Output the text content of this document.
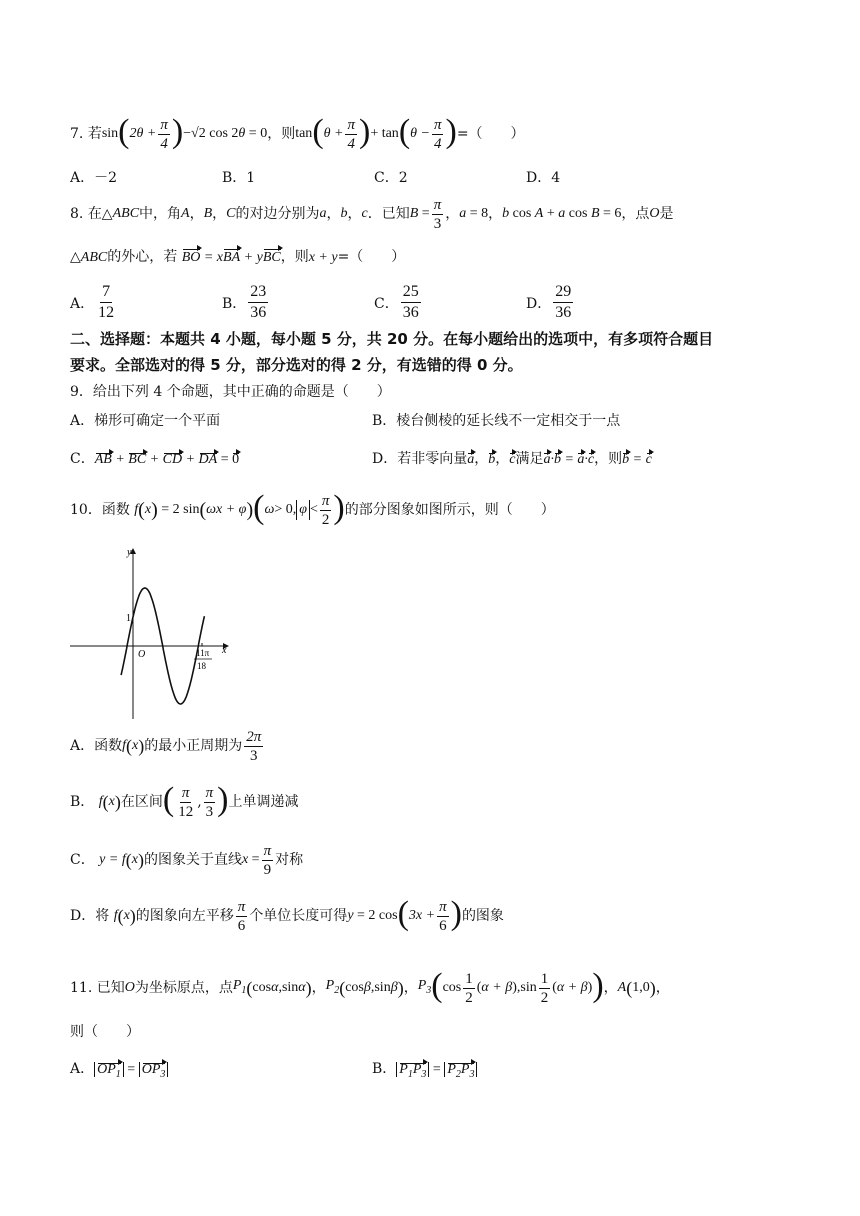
7.
若 sin ( $2\theta + \frac{\pi}{4}$ ) −√2 cos 2 θ = 0 ，则 tan ( $\theta + \frac{\pi}{4}$ ) + tan ( $\theta - \frac{\pi}{4}$ ) =（　　）
A．－2	B．1	C．2	D．4
8.
在△ ABC 中，角 A ， B ， C 的对边分别为 a ， b ， c ．已知 $B = \frac{\pi}{3}$ ， a = 8 ， b cos A + a cos B = 6 ，点 O 是
△ABC的外心，若 BO = xBA + yBC，则x + y=（　　）
A． $\frac{7}{12}$	B． $\frac{23}{36}$	C． $\frac{25}{36}$	D． $\frac{29}{36}$
二、选择题：本题共 4 小题，每小题 5 分，共 20 分。在每小题给出的选项中，有多项符合题目
要求。全部选对的得 5 分，部分选对的得 2 分，有选错的得 0 分。
9．给出下列 4 个命题，其中正确的命题是（　　）
A．梯形可确定一个平面	B．棱台侧棱的延长线不一定相交于一点
C．AB + BC + CD + DA = 0	D．若非零向量a，b，c满足a·b = a·c，则b = c
10．函数
f ( x ) = 2 sin ( ωx + φ ) ( ω > 0, $\varphi < \frac{\pi}{2}$ ) 的部分图象如图所示，则（　　）
y
x
O
1
11π
18
A．函数 f ( x ) 的最小正周期为 $\frac{2\pi}{3}$
B．
f ( x ) 在区间 ( $\frac{\pi}{12}$ , $\frac{\pi}{3}$ ) 上单调递减
C．
y = f ( x ) 的图象关于直线 $x = \frac{\pi}{9}$ 对称
D．将
f ( x ) 的图象向左平移 $\frac{\pi}{6}$ 个单位长度可得 y = 2 cos ( $3x + \frac{\pi}{6}$ ) 的图象
11. 已知 O 为坐标原点，点 $P_1$ ( cos α ,sin α ) ， $P_2$ ( cos β ,sin β ) ， $P_3$ ( $\cos \frac{1}{2}$ ( α + β )$,\sin \frac{1}{2}$ ( α + β ) ) ， A ( 1,0 ) ，
则（　　）
A． $OP_1 = OP_3$	B． $P_1P_3 = P_2P_3$
